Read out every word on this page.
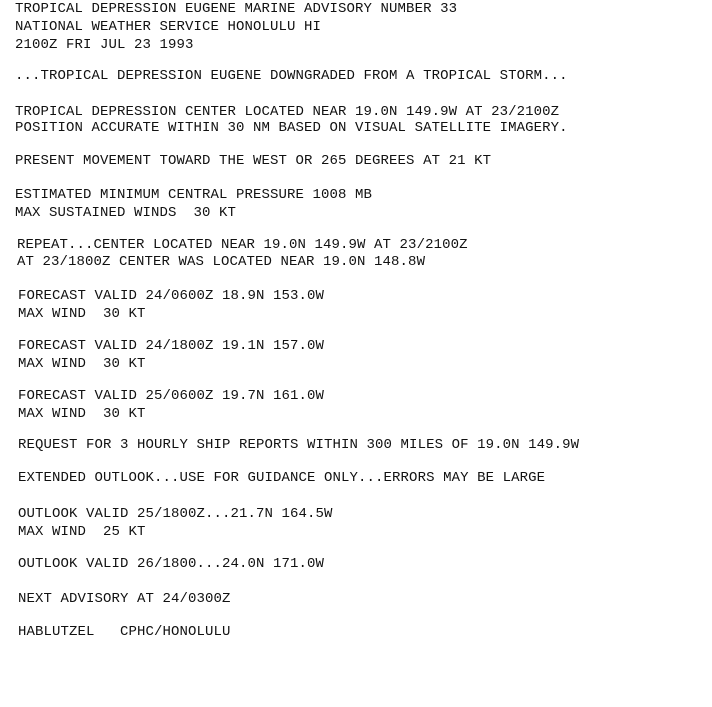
TROPICAL DEPRESSION EUGENE MARINE ADVISORY NUMBER 33
NATIONAL WEATHER SERVICE HONOLULU HI
2100Z FRI JUL 23 1993
...TROPICAL DEPRESSION EUGENE DOWNGRADED FROM A TROPICAL STORM...
TROPICAL DEPRESSION CENTER LOCATED NEAR 19.0N 149.9W AT 23/2100Z
POSITION ACCURATE WITHIN 30 NM BASED ON VISUAL SATELLITE IMAGERY.
PRESENT MOVEMENT TOWARD THE WEST OR 265 DEGREES AT 21 KT
ESTIMATED MINIMUM CENTRAL PRESSURE 1008 MB
MAX SUSTAINED WINDS  30 KT
REPEAT...CENTER LOCATED NEAR 19.0N 149.9W AT 23/2100Z
AT 23/1800Z CENTER WAS LOCATED NEAR 19.0N 148.8W
FORECAST VALID 24/0600Z 18.9N 153.0W
MAX WIND  30 KT
FORECAST VALID 24/1800Z 19.1N 157.0W
MAX WIND  30 KT
FORECAST VALID 25/0600Z 19.7N 161.0W
MAX WIND  30 KT
REQUEST FOR 3 HOURLY SHIP REPORTS WITHIN 300 MILES OF 19.0N 149.9W
EXTENDED OUTLOOK...USE FOR GUIDANCE ONLY...ERRORS MAY BE LARGE
OUTLOOK VALID 25/1800Z...21.7N 164.5W
MAX WIND  25 KT
OUTLOOK VALID 26/1800...24.0N 171.0W
NEXT ADVISORY AT 24/0300Z
HABLUTZEL   CPHC/HONOLULU
